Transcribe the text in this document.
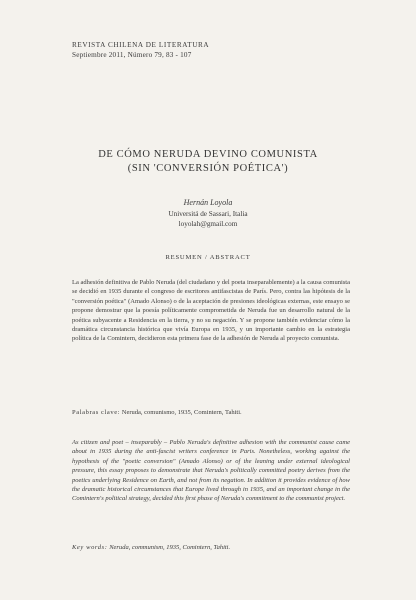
REVISTA CHILENA DE LITERATURA
Septiembre 2011, Número 79, 83 - 107
DE CÓMO NERUDA DEVINO COMUNISTA
(SIN 'CONVERSIÓN POÉTICA')
Hernán Loyola
Universitá de Sassari, Italia
loyolah@gmail.com
RESUMEN / ABSTRACT
La adhesión definitiva de Pablo Neruda (del ciudadano y del poeta inseparablemente) a la causa comunista se decidió en 1935 durante el congreso de escritores antifascistas de París. Pero, contra las hipótesis de la "conversión poética" (Amado Alonso) o de la aceptación de presiones ideológicas externas, este ensayo se propone demostrar que la poesía políticamente comprometida de Neruda fue un desarrollo natural de la poética subyacente a Residencia en la tierra, y no su negación. Y se propone también evidenciar cómo la dramática circunstancia histórica que vivía Europa en 1935, y un importante cambio en la estrategia política de la Comintern, decidieron esta primera fase de la adhesión de Neruda al proyecto comunista.
Palabras clave: Neruda, comunismo, 1935, Comintern, Tahiti.
As citizen and poet – inseparably – Pablo Neruda's definitive adhesion with the communist cause came about in 1935 during the anti-fascist writers conference in Paris. Nonetheless, working against the hypothesis of the "poetic conversion" (Amado Alonso) or of the leaning under external ideological pressure, this essay proposes to demonstrate that Neruda's politically committed poetry derives from the poetics underlying Residence on Earth, and not from its negation. In addition it provides evidence of how the dramatic historical circumstances that Europe lived through in 1935, and an important change in the Comintern's political strategy, decided this first phase of Neruda's commitment to the communist project.
Key words: Neruda, communism, 1935, Comintern, Tahiti.
